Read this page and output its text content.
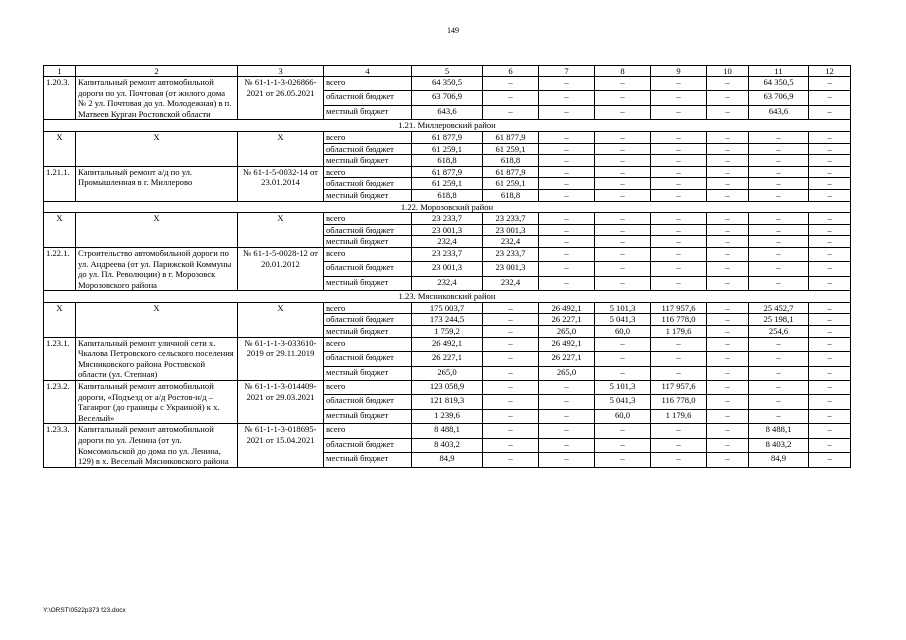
149
1	2	3	4	5	6	7	8	9	10	11	12
1.20.3.	Капитальный ремонт автомобильной дороги по ул. Почтовая (от жилого дома № 2 ул. Почтовая до ул. Молодежная) в п. Матвеев Курган Ростовской области	№ 61-1-1-3-026866-2021 от 26.05.2021	всего	64 350,5	–	–	–	–	–	64 350,5	–
			областной бюджет	63 706,9	–	–	–	–	–	63 706,9	–
			местный бюджет	643,6	–	–	–	–	–	643,6	–
1.21. Миллеровский район											
Х	Х	Х	всего	61 877,9	61 877,9	–	–	–	–	–	–
			областной бюджет	61 259,1	61 259,1	–	–	–	–	–	–
			местный бюджет	618,8	618,8	–	–	–	–	–	–
1.21.1.	Капитальный ремонт а/д по ул. Промышленная в г. Миллерово	№ 61-1-5-0032-14 от 23.01.2014	всего	61 877,9	61 877,9	–	–	–	–	–	–
			областной бюджет	61 259,1	61 259,1	–	–	–	–	–	–
			местный бюджет	618,8	618,8	–	–	–	–	–	–
1.22. Морозовский район											
Х	Х	Х	всего	23 233,7	23 233,7	–	–	–	–	–	–
			областной бюджет	23 001,3	23 001,3	–	–	–	–	–	–
			местный бюджет	232,4	232,4	–	–	–	–	–	–
1.22.1.	Строительство автомобильной дороги по ул. Андреева (от ул. Парижской Коммуны до ул. Пл. Революции) в г. Морозовск Морозовского района	№ 61-1-5-0028-12 от 20.01.2012	всего	23 233,7	23 233,7	–	–	–	–	–	–
			областной бюджет	23 001,3	23 001,3	–	–	–	–	–	–
			местный бюджет	232,4	232,4	–	–	–	–	–	–
1.23. Мясниковский район											
Х	Х	Х	всего	175 003,7	–	26 492,1	5 101,3	117 957,6	–	25 452,7	–
			областной бюджет	173 244,5	–	26 227,1	5 041,3	116 778,0	–	25 198,1	–
			местный бюджет	1 759,2	–	265,0	60,0	1 179,6	–	254,6	–
1.23.1.	Капитальный ремонт уличной сети х. Чкалова Петровского сельского поселения Мясниковского района Ростовской области (ул. Степная)	№ 61-1-1-3-033610-2019 от 29.11.2019	всего	26 492,1	–	26 492,1	–	–	–	–	–
			областной бюджет	26 227,1	–	26 227,1	–	–	–	–	–
			местный бюджет	265,0	–	265,0	–	–	–	–	–
1.23.2.	Капитальный ремонт автомобильной дороги, «Подъезд от а/д Ростов-н/д – Таганрог (до границы с Украиной) к х. Веселый»	№ 61-1-1-3-014409-2021 от 29.03.2021	всего	123 058,9	–	–	5 101,3	117 957,6	–	–	–
			областной бюджет	121 819,3	–	–	5 041,3	116 778,0	–	–	–
			местный бюджет	1 239,6	–	–	60,0	1 179,6	–	–	–
1.23.3.	Капитальный ремонт автомобильной дороги по ул. Ленина (от ул. Комсомольской до дома по ул. Ленина, 129) в х. Веселый Мясниковского района	№ 61-1-1-3-018695-2021 от 15.04.2021	всего	8 488,1	–	–	–	–	–	8 488,1	–
			областной бюджет	8 403,2	–	–	–	–	–	8 403,2	–
			местный бюджет	84,9	–	–	–	–	–	84,9	–
Y:\ORST\0522p373 f23.docx
